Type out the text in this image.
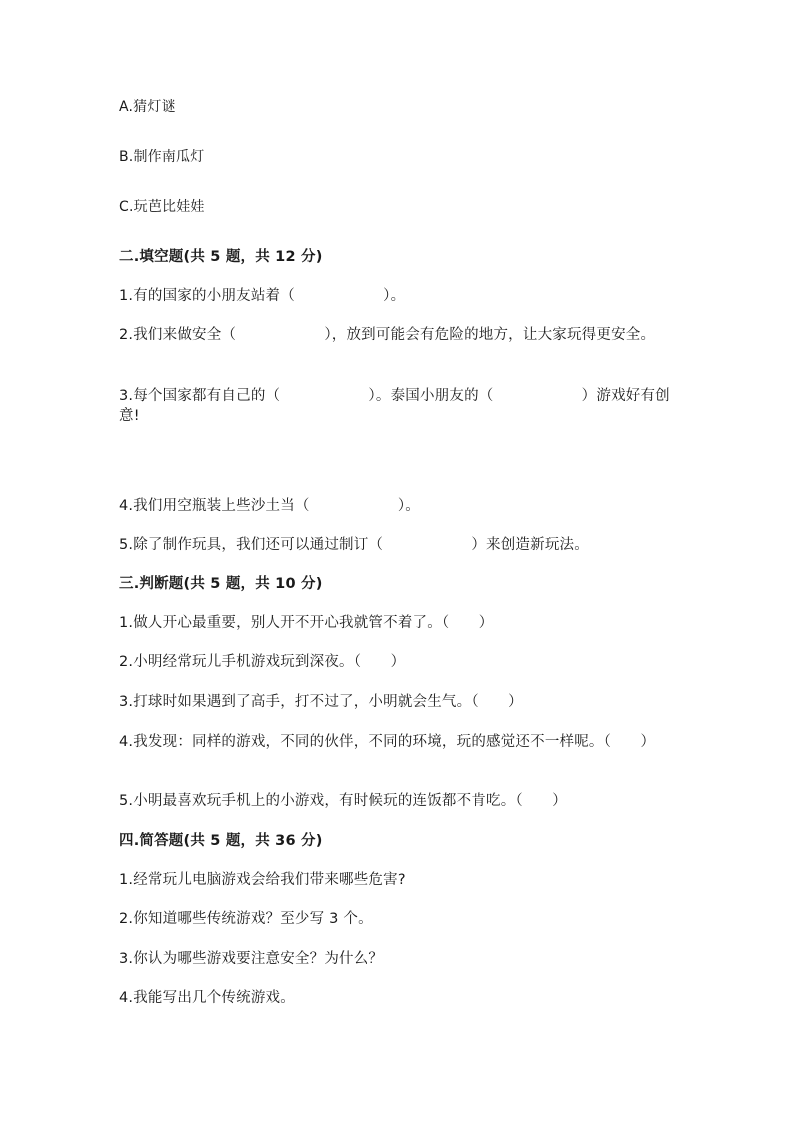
A.猜灯谜
B.制作南瓜灯
C.玩芭比娃娃
二.填空题(共 5 题，共 12 分)
1.有的国家的小朋友站着（　　　　　　）。
2.我们来做安全（　　　　　　），放到可能会有危险的地方，让大家玩得更安全。
3.每个国家都有自己的（　　　　　　）。泰国小朋友的（　　　　　　）游戏好有创意!
4.我们用空瓶装上些沙土当（　　　　　　）。
5.除了制作玩具，我们还可以通过制订（　　　　　　）来创造新玩法。
三.判断题(共 5 题，共 10 分)
1.做人开心最重要，别人开不开心我就管不着了。（　　）
2.小明经常玩儿手机游戏玩到深夜。（　　）
3.打球时如果遇到了高手，打不过了，小明就会生气。（　　）
4.我发现：同样的游戏，不同的伙伴，不同的环境，玩的感觉还不一样呢。（　　）
5.小明最喜欢玩手机上的小游戏，有时候玩的连饭都不肯吃。（　　）
四.简答题(共 5 题，共 36 分)
1.经常玩儿电脑游戏会给我们带来哪些危害?
2.你知道哪些传统游戏？至少写 3 个。
3.你认为哪些游戏要注意安全？为什么？
4.我能写出几个传统游戏。
